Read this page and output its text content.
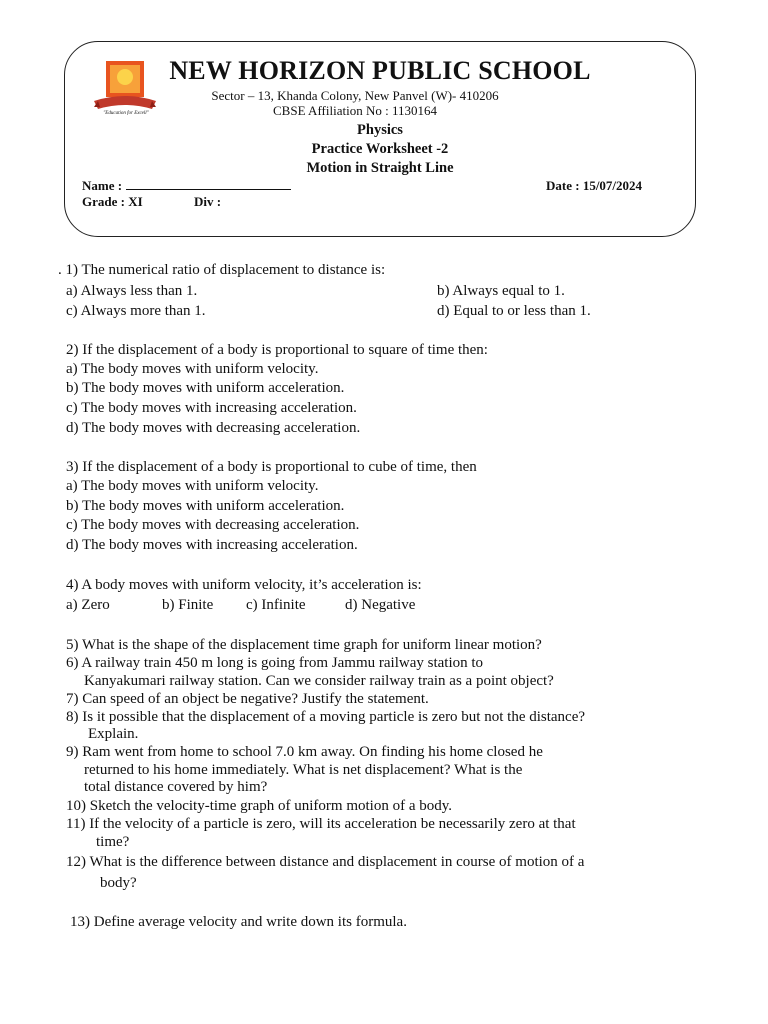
"Education for Excell"
NEW HORIZON PUBLIC SCHOOL
Sector – 13, Khanda Colony, New Panvel (W)- 410206
CBSE Affiliation No : 1130164
Physics
Practice Worksheet -2
Motion in Straight Line
Name :	Date : 15/07/2024
Grade : XI	Div :
. 1) The numerical ratio of displacement to distance is:
a) Always less than 1.	b) Always equal to 1.
c) Always more than 1.	d) Equal to or less than 1.
2) If the displacement of a body is proportional to square of time then:
a) The body moves with uniform velocity.
b) The body moves with uniform acceleration.
c) The body moves with increasing acceleration.
d) The body moves with decreasing acceleration.
3) If the displacement of a body is proportional to cube of time, then
a) The body moves with uniform velocity.
b) The body moves with uniform acceleration.
c) The body moves with decreasing acceleration.
d) The body moves with increasing acceleration.
4) A body moves with uniform velocity, it’s acceleration is:
a) Zero	b) Finite c) Infinite	d) Negative
5) What is the shape of the displacement time graph for uniform linear motion?
6) A railway train 450 m long is going from Jammu railway station to
Kanyakumari railway station. Can we consider railway train as a point object?
7) Can speed of an object be negative? Justify the statement.
8) Is it possible that the displacement of a moving particle is zero but not the distance?
Explain.
9) Ram went from home to school 7.0 km away. On finding his home closed he
returned to his home immediately. What is net displacement? What is the
total distance covered by him?
10) Sketch the velocity-time graph of uniform motion of a body.
11) If the velocity of a particle is zero, will its acceleration be necessarily zero at that
time?
12) What is the difference between distance and displacement in course of motion of a
body?
13) Define average velocity and write down its formula.
